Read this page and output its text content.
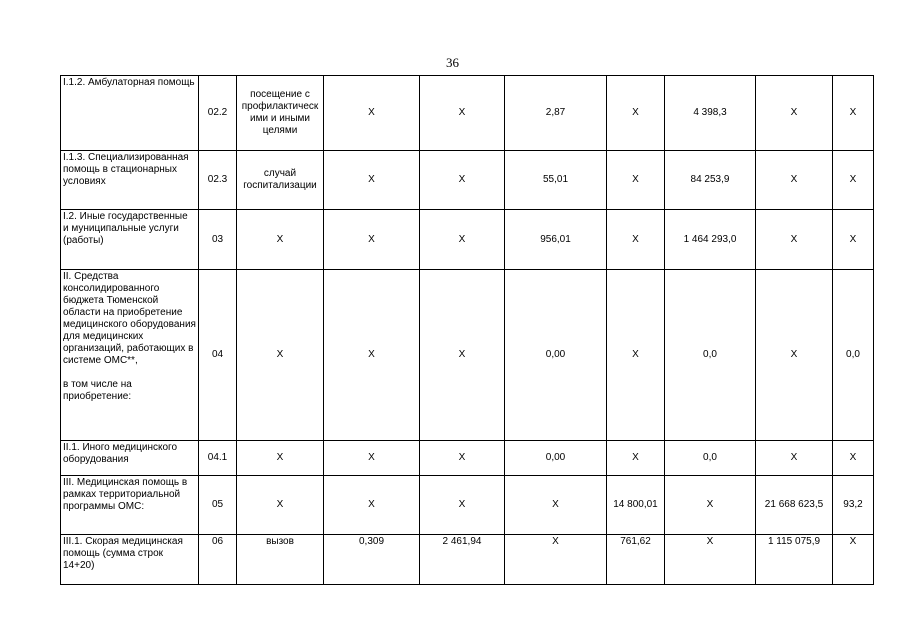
36
I.1.2. Амбулаторная помощь	02.2	посещение с профилактическ ими и иными целями	Х	Х	2,87	Х	4 398,3	Х	Х
I.1.3. Специализированная помощь в стационарных условиях	02.3	случай госпитализации	Х	Х	55,01	Х	84 253,9	Х	Х
I.2. Иные государственные и муниципальные услуги (работы)	03	Х	Х	Х	956,01	Х	1 464 293,0	Х	Х
II. Средства консолидированного бюджета Тюменской области на приобретение медицинского оборудования для медицинских организаций, работающих в системе ОМС**,
в том числе на приобретение:	04	Х	Х	Х	0,00	Х	0,0	Х	0,0
II.1. Иного медицинского оборудования	04.1	Х	Х	Х	0,00	Х	0,0	Х	Х
III. Медицинская помощь в рамках территориальной программы ОМС:	05	Х	Х	Х	Х	14 800,01	Х	21 668 623,5	93,2
III.1. Скорая медицинская помощь (сумма строк 14+20)	06	вызов	0,309	2 461,94	Х	761,62	Х	1 115 075,9	Х
